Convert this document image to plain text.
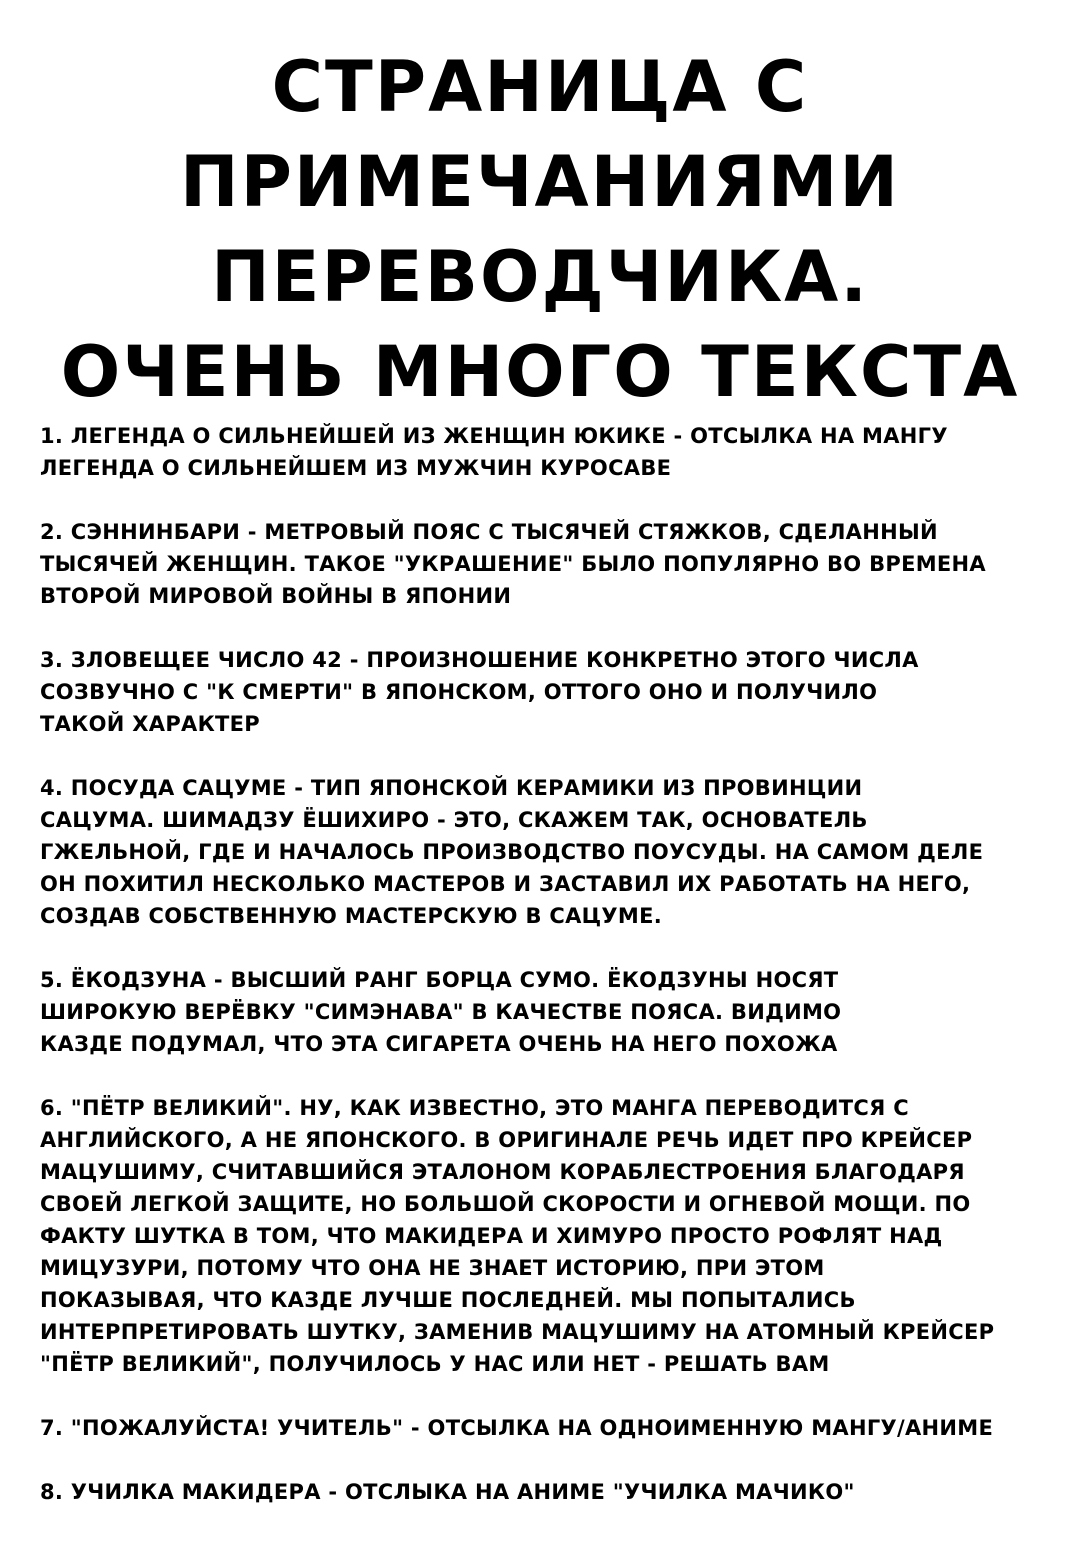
СТРАНИЦА С
ПРИМЕЧАНИЯМИ
ПЕРЕВОДЧИКА.
ОЧЕНЬ МНОГО ТЕКСТА
1. ЛЕГЕНДА О СИЛЬНЕЙШЕЙ ИЗ ЖЕНЩИН ЮКИКЕ - ОТСЫЛКА НА МАНГУ
ЛЕГЕНДА О СИЛЬНЕЙШЕМ ИЗ МУЖЧИН КУРОСАВЕ
2. СЭННИНБАРИ - МЕТРОВЫЙ ПОЯС С ТЫСЯЧЕЙ СТЯЖКОВ, СДЕЛАННЫЙ
ТЫСЯЧЕЙ ЖЕНЩИН. ТАКОЕ "УКРАШЕНИЕ" БЫЛО ПОПУЛЯРНО ВО ВРЕМЕНА
ВТОРОЙ МИРОВОЙ ВОЙНЫ В ЯПОНИИ
3. ЗЛОВЕЩЕЕ ЧИСЛО 42 - ПРОИЗНОШЕНИЕ КОНКРЕТНО ЭТОГО ЧИСЛА
СОЗВУЧНО С "К СМЕРТИ" В ЯПОНСКОМ, ОТТОГО ОНО И ПОЛУЧИЛО
ТАКОЙ ХАРАКТЕР
4. ПОСУДА САЦУМЕ - ТИП ЯПОНСКОЙ КЕРАМИКИ ИЗ ПРОВИНЦИИ
САЦУМА. ШИМАДЗУ ЁШИХИРО - ЭТО, СКАЖЕМ ТАК, ОСНОВАТЕЛЬ
ГЖЕЛЬНОЙ, ГДЕ И НАЧАЛОСЬ ПРОИЗВОДСТВО ПОУСУДЫ. НА САМОМ ДЕЛЕ
ОН ПОХИТИЛ НЕСКОЛЬКО МАСТЕРОВ И ЗАСТАВИЛ ИХ РАБОТАТЬ НА НЕГО,
СОЗДАВ СОБСТВЕННУЮ МАСТЕРСКУЮ В САЦУМЕ.
5. ЁКОДЗУНА - ВЫСШИЙ РАНГ БОРЦА СУМО. ЁКОДЗУНЫ НОСЯТ
ШИРОКУЮ ВЕРЁВКУ "СИМЭНАВА" В КАЧЕСТВЕ ПОЯСА. ВИДИМО
КАЗДЕ ПОДУМАЛ, ЧТО ЭТА СИГАРЕТА ОЧЕНЬ НА НЕГО ПОХОЖА
6. "ПЁТР ВЕЛИКИЙ". НУ, КАК ИЗВЕСТНО, ЭТО МАНГА ПЕРЕВОДИТСЯ С
АНГЛИЙСКОГО, А НЕ ЯПОНСКОГО. В ОРИГИНАЛЕ РЕЧЬ ИДЕТ ПРО КРЕЙСЕР
МАЦУШИМУ, СЧИТАВШИЙСЯ ЭТАЛОНОМ КОРАБЛЕСТРОЕНИЯ БЛАГОДАРЯ
СВОЕЙ ЛЕГКОЙ ЗАЩИТЕ, НО БОЛЬШОЙ СКОРОСТИ И ОГНЕВОЙ МОЩИ. ПО
ФАКТУ ШУТКА В ТОМ, ЧТО МАКИДЕРА И ХИМУРО ПРОСТО РОФЛЯТ НАД
МИЦУЗУРИ, ПОТОМУ ЧТО ОНА НЕ ЗНАЕТ ИСТОРИЮ, ПРИ ЭТОМ
ПОКАЗЫВАЯ, ЧТО КАЗДЕ ЛУЧШЕ ПОСЛЕДНЕЙ. МЫ ПОПЫТАЛИСЬ
ИНТЕРПРЕТИРОВАТЬ ШУТКУ, ЗАМЕНИВ МАЦУШИМУ НА АТОМНЫЙ КРЕЙСЕР
"ПЁТР ВЕЛИКИЙ", ПОЛУЧИЛОСЬ У НАС ИЛИ НЕТ - РЕШАТЬ ВАМ
7. "ПОЖАЛУЙСТА! УЧИТЕЛЬ" - ОТСЫЛКА НА ОДНОИМЕННУЮ МАНГУ/АНИМЕ
8. УЧИЛКА МАКИДЕРА - ОТСЛЫКА НА АНИМЕ "УЧИЛКА МАЧИКО"
